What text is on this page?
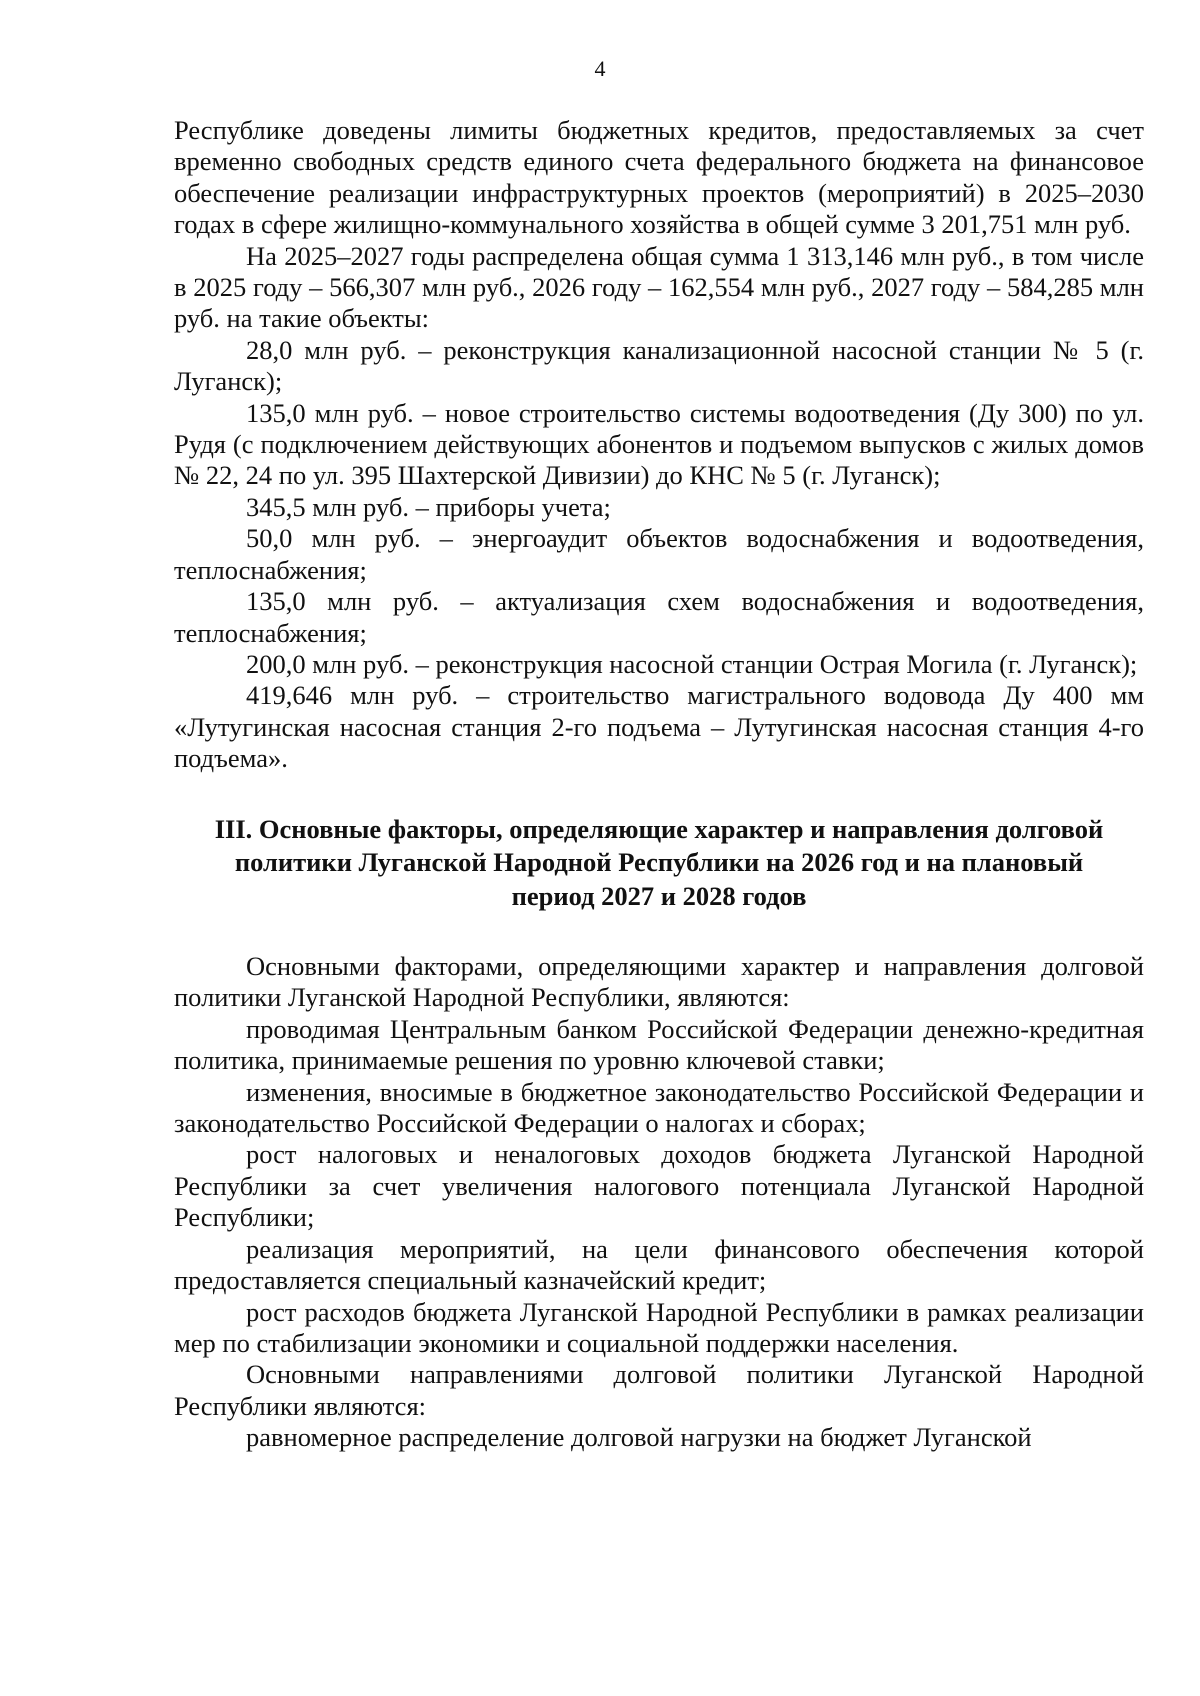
4

Республике доведены лимиты бюджетных кредитов, предоставляемых за счет временно свободных средств единого счета федерального бюджета на финансовое обеспечение реализации инфраструктурных проектов (мероприятий) в 2025–2030 годах в сфере жилищно-коммунального хозяйства в общей сумме 3 201,751 млн руб.

На 2025–2027 годы распределена общая сумма 1 313,146 млн руб., в том числе в 2025 году – 566,307 млн руб., 2026 году – 162,554 млн руб., 2027 году – 584,285 млн руб. на такие объекты:

28,0 млн руб. – реконструкция канализационной насосной станции № 5 (г. Луганск);

135,0 млн руб. – новое строительство системы водоотведения (Ду 300) по ул. Рудя (с подключением действующих абонентов и подъемом выпусков с жилых домов № 22, 24 по ул. 395 Шахтерской Дивизии) до КНС № 5 (г. Луганск);

345,5 млн руб. – приборы учета;

50,0 млн руб. – энергоаудит объектов водоснабжения и водоотведения, теплоснабжения;

135,0 млн руб. – актуализация схем водоснабжения и водоотведения, теплоснабжения;

200,0 млн руб. – реконструкция насосной станции Острая Могила (г. Луганск);

419,646 млн руб. – строительство магистрального водовода Ду 400 мм «Лутугинская насосная станция 2-го подъема – Лутугинская насосная станция 4-го подъема».

III. Основные факторы, определяющие характер и направления долговой
политики Луганской Народной Республики на 2026 год и на плановый
период 2027 и 2028 годов

Основными факторами, определяющими характер и направления долговой политики Луганской Народной Республики, являются:

проводимая Центральным банком Российской Федерации денежно-кредитная политика, принимаемые решения по уровню ключевой ставки;

изменения, вносимые в бюджетное законодательство Российской Федерации и законодательство Российской Федерации о налогах и сборах;

рост налоговых и неналоговых доходов бюджета Луганской Народной Республики за счет увеличения налогового потенциала Луганской Народной Республики;

реализация мероприятий, на цели финансового обеспечения которой предоставляется специальный казначейский кредит;

рост расходов бюджета Луганской Народной Республики в рамках реализации мер по стабилизации экономики и социальной поддержки населения.

Основными направлениями долговой политики Луганской Народной Республики являются:

равномерное распределение долговой нагрузки на бюджет Луганской
